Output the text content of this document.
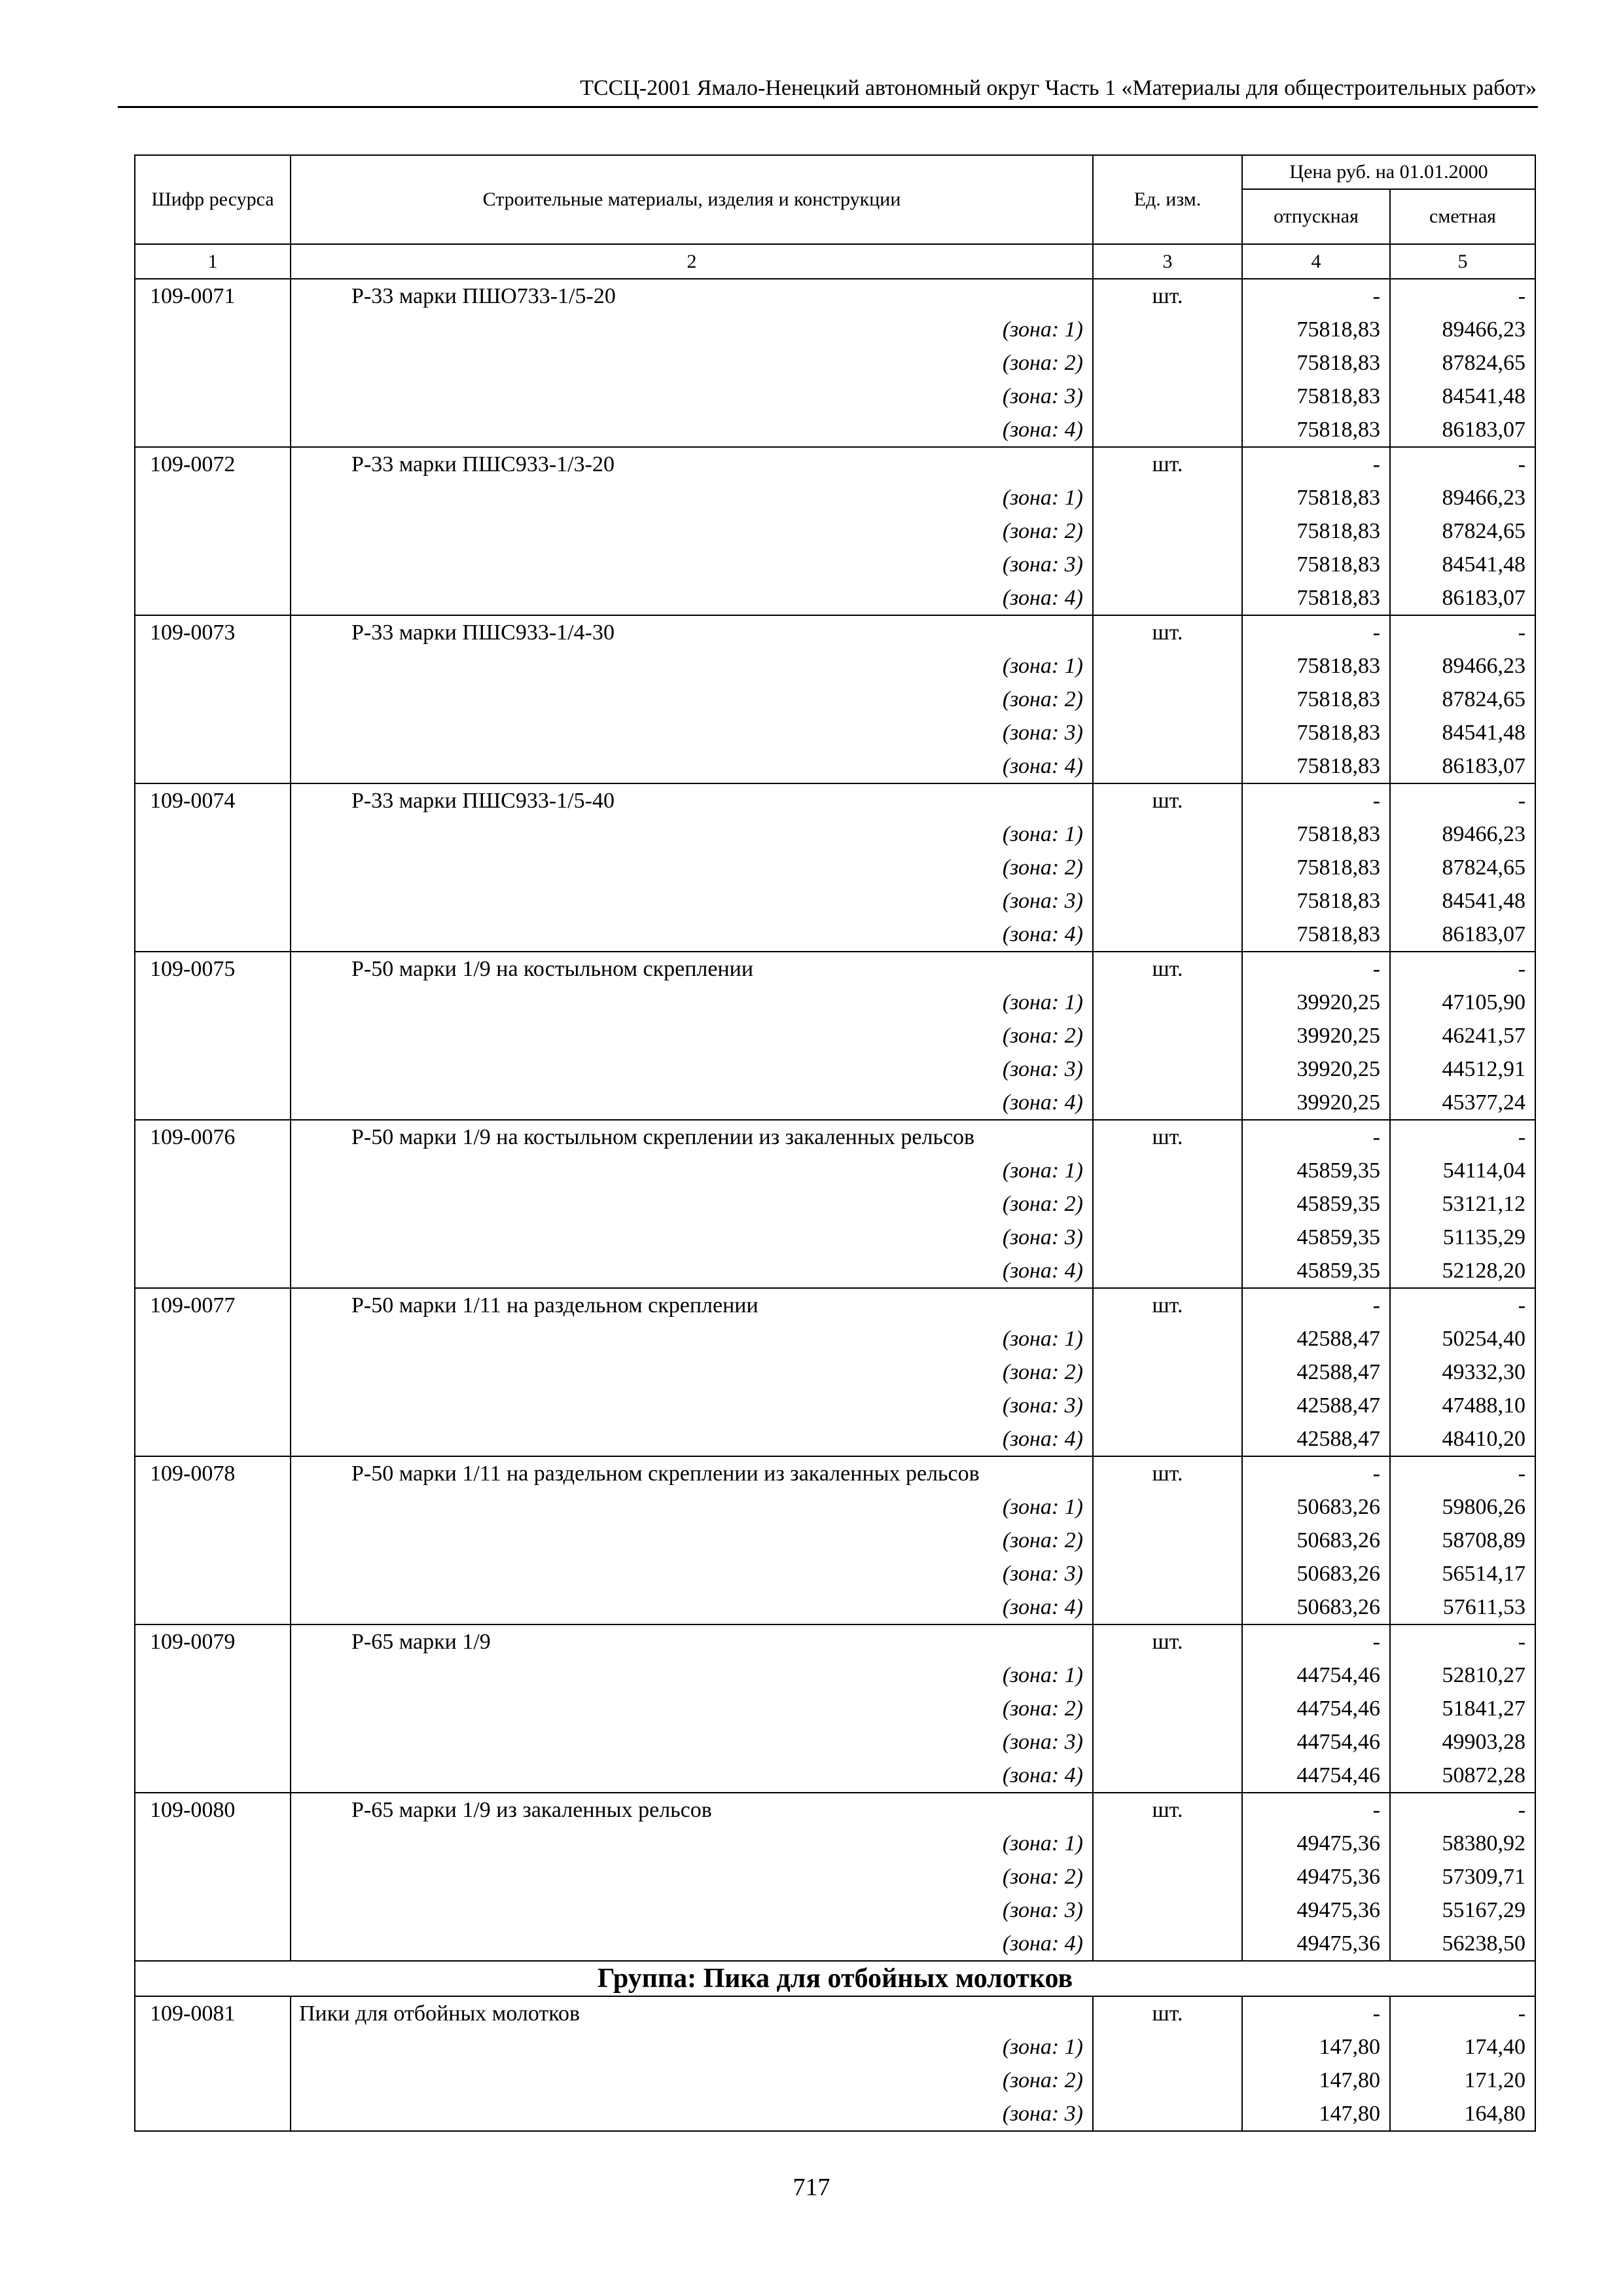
ТССЦ-2001 Ямало-Ненецкий автономный округ Часть 1 «Материалы для общестроительных работ»
Шифр ресурса	Строительные материалы, изделия и конструкции	Ед. изм.	Цена руб. на 01.01.2000	
			отпускная	сметная
1	2	3	4	5
109-0071	Р-33 марки ПШО733-1/5-20	шт.	-	-
	(зона: 1)		75818,83	89466,23
	(зона: 2)		75818,83	87824,65
	(зона: 3)		75818,83	84541,48
	(зона: 4)		75818,83	86183,07
109-0072	Р-33 марки ПШС933-1/3-20	шт.	-	-
	(зона: 1)		75818,83	89466,23
	(зона: 2)		75818,83	87824,65
	(зона: 3)		75818,83	84541,48
	(зона: 4)		75818,83	86183,07
109-0073	Р-33 марки ПШС933-1/4-30	шт.	-	-
	(зона: 1)		75818,83	89466,23
	(зона: 2)		75818,83	87824,65
	(зона: 3)		75818,83	84541,48
	(зона: 4)		75818,83	86183,07
109-0074	Р-33 марки ПШС933-1/5-40	шт.	-	-
	(зона: 1)		75818,83	89466,23
	(зона: 2)		75818,83	87824,65
	(зона: 3)		75818,83	84541,48
	(зона: 4)		75818,83	86183,07
109-0075	Р-50 марки 1/9 на костыльном скреплении	шт.	-	-
	(зона: 1)		39920,25	47105,90
	(зона: 2)		39920,25	46241,57
	(зона: 3)		39920,25	44512,91
	(зона: 4)		39920,25	45377,24
109-0076	Р-50 марки 1/9 на костыльном скреплении из закаленных рельсов	шт.	-	-
	(зона: 1)		45859,35	54114,04
	(зона: 2)		45859,35	53121,12
	(зона: 3)		45859,35	51135,29
	(зона: 4)		45859,35	52128,20
109-0077	Р-50 марки 1/11 на раздельном скреплении	шт.	-	-
	(зона: 1)		42588,47	50254,40
	(зона: 2)		42588,47	49332,30
	(зона: 3)		42588,47	47488,10
	(зона: 4)		42588,47	48410,20
109-0078	Р-50 марки 1/11 на раздельном скреплении из закаленных рельсов	шт.	-	-
	(зона: 1)		50683,26	59806,26
	(зона: 2)		50683,26	58708,89
	(зона: 3)		50683,26	56514,17
	(зона: 4)		50683,26	57611,53
109-0079	Р-65 марки 1/9	шт.	-	-
	(зона: 1)		44754,46	52810,27
	(зона: 2)		44754,46	51841,27
	(зона: 3)		44754,46	49903,28
	(зона: 4)		44754,46	50872,28
109-0080	Р-65 марки 1/9 из закаленных рельсов	шт.	-	-
	(зона: 1)		49475,36	58380,92
	(зона: 2)		49475,36	57309,71
	(зона: 3)		49475,36	55167,29
	(зона: 4)		49475,36	56238,50
Группа: Пика для отбойных молотков				
109-0081	Пики для отбойных молотков	шт.	-	-
	(зона: 1)		147,80	174,40
	(зона: 2)		147,80	171,20
	(зона: 3)		147,80	164,80
717
